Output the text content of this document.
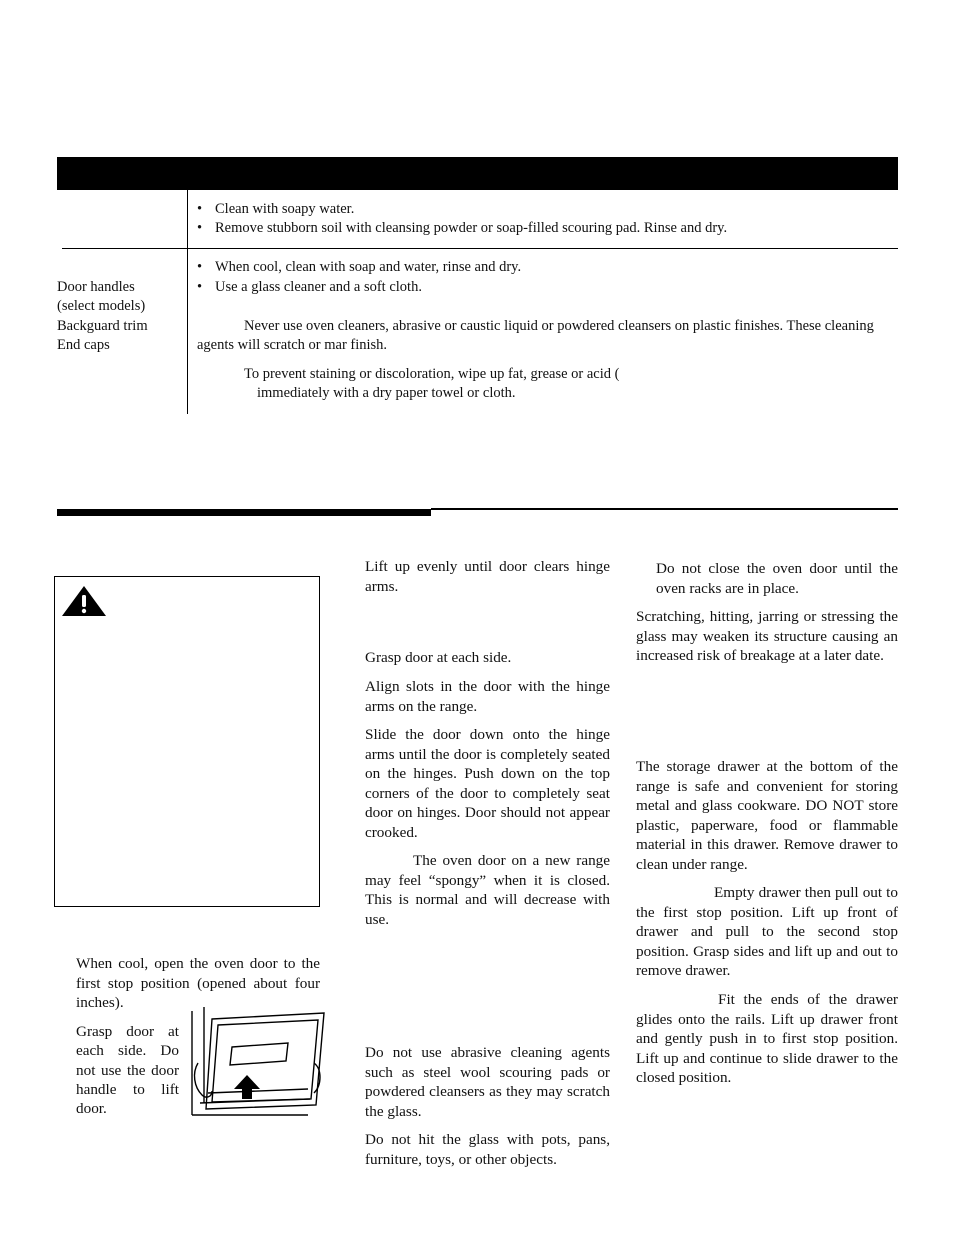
• Clean with soapy water.
• Remove stubborn soil with cleansing powder or soap-filled scouring pad. Rinse and dry.
Door handles
(select models)
Backguard trim
End caps
• When cool, clean with soap and water, rinse and dry.
• Use a glass cleaner and a soft cloth.
Never use oven cleaners, abrasive or caustic liquid or powdered cleansers on plastic finishes. These cleaning
agents will scratch or mar finish.
To prevent staining or discoloration, wipe up fat, grease or acid (
immediately with a dry paper towel or cloth.
When cool, open the oven door to the first stop position (opened about four inches).
Grasp door at each side. Do not use the door handle to lift door.
Lift up evenly until door clears hinge arms.
Grasp door at each side.
Align slots in the door with the hinge arms on the range.
Slide the door down onto the hinge arms until the door is completely seated on the hinges. Push down on the top corners of the door to completely seat door on hinges. Door should not appear crooked.
The oven door on a new range may feel “spongy” when it is closed. This is normal and will decrease with use.
Do not use abrasive cleaning agents such as steel wool scouring pads or powdered cleansers as they may scratch the glass.
Do not hit the glass with pots, pans, furniture, toys, or other objects.
Do not close the oven door until the oven racks are in place.
Scratching, hitting, jarring or stressing the glass may weaken its structure causing an increased risk of breakage at a later date.
The storage drawer at the bottom of the range is safe and convenient for storing metal and glass cookware. DO NOT store plastic, paperware, food or flammable material in this drawer. Remove drawer to clean under range.
Empty drawer then pull out to the first stop position. Lift up front of drawer and pull to the second stop position. Grasp sides and lift up and out to remove drawer.
Fit the ends of the drawer glides onto the rails. Lift up drawer front and gently push in to first stop position. Lift up and continue to slide drawer to the closed position.
